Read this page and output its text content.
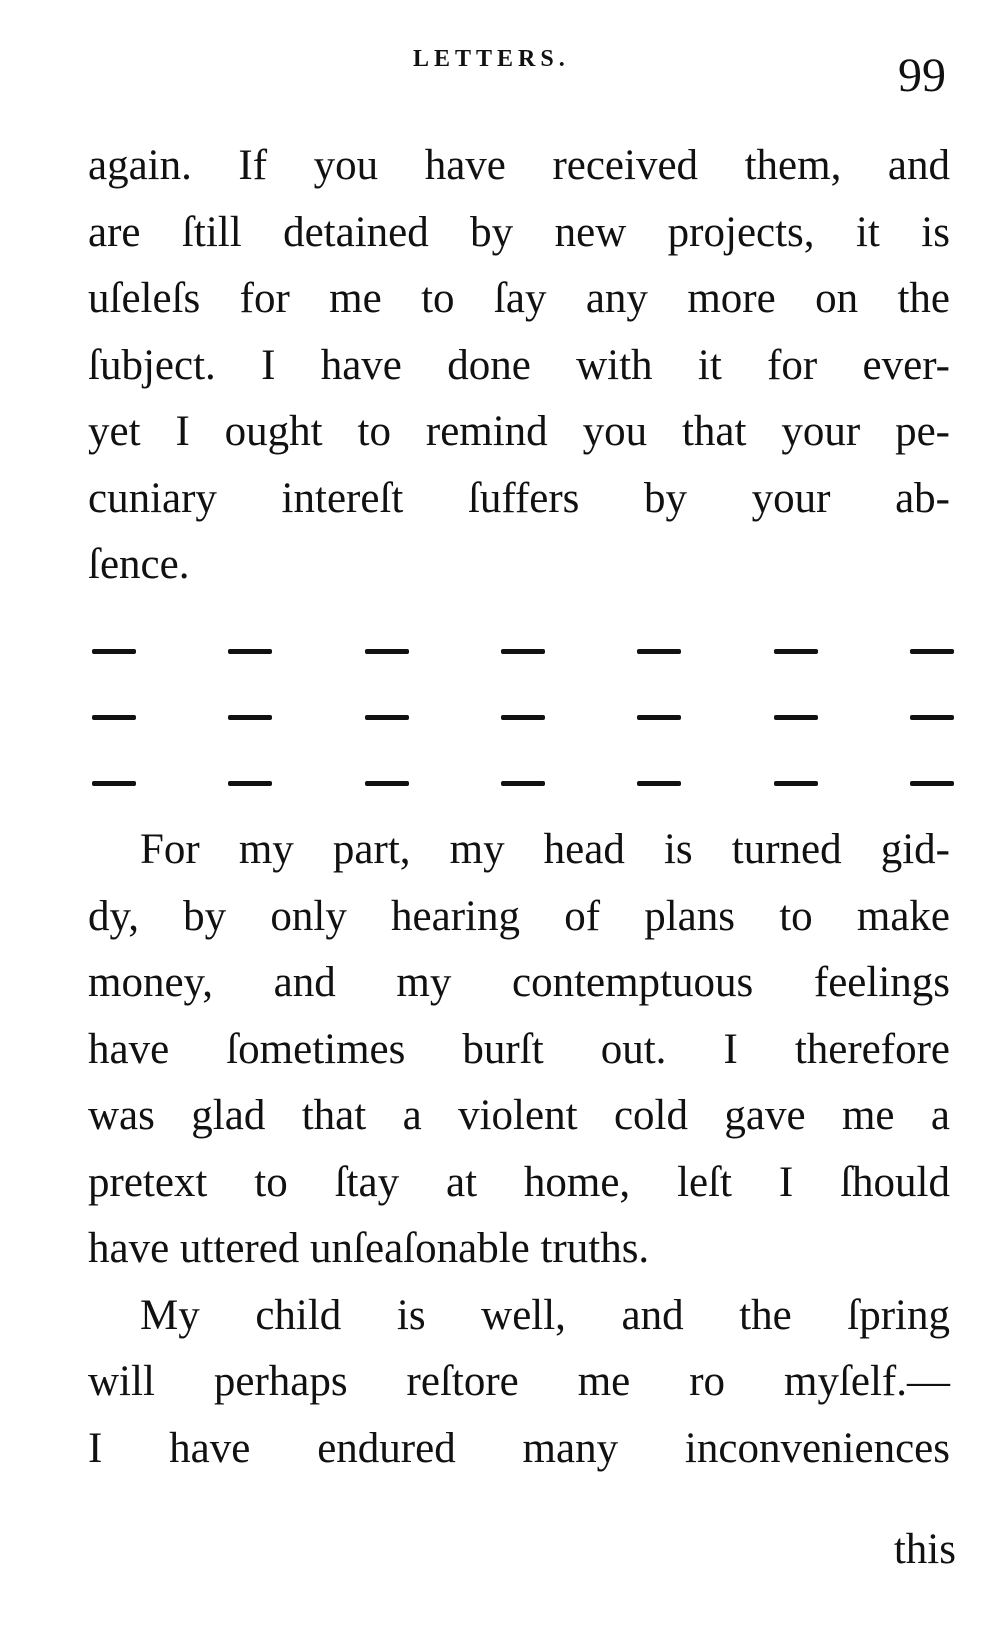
LETTERS.	99
again. If you have received them, and
are ſtill detained by new projects, it is
uſeleſs for me to ſay any more on the
ſubject. I have done with it for ever-
yet I ought to remind you that your pe-
cuniary intereſt ſuffers by your ab-
ſence.
For my part, my head is turned gid-
dy, by only hearing of plans to make
money, and my contemptuous feelings
have ſometimes burſt out. I therefore
was glad that a violent cold gave me a
pretext to ſtay at home, leſt I ſhould
have uttered unſeaſonable truths.
My child is well, and the ſpring
will perhaps reſtore me ro myſelf.—
I have endured many inconveniences
this
